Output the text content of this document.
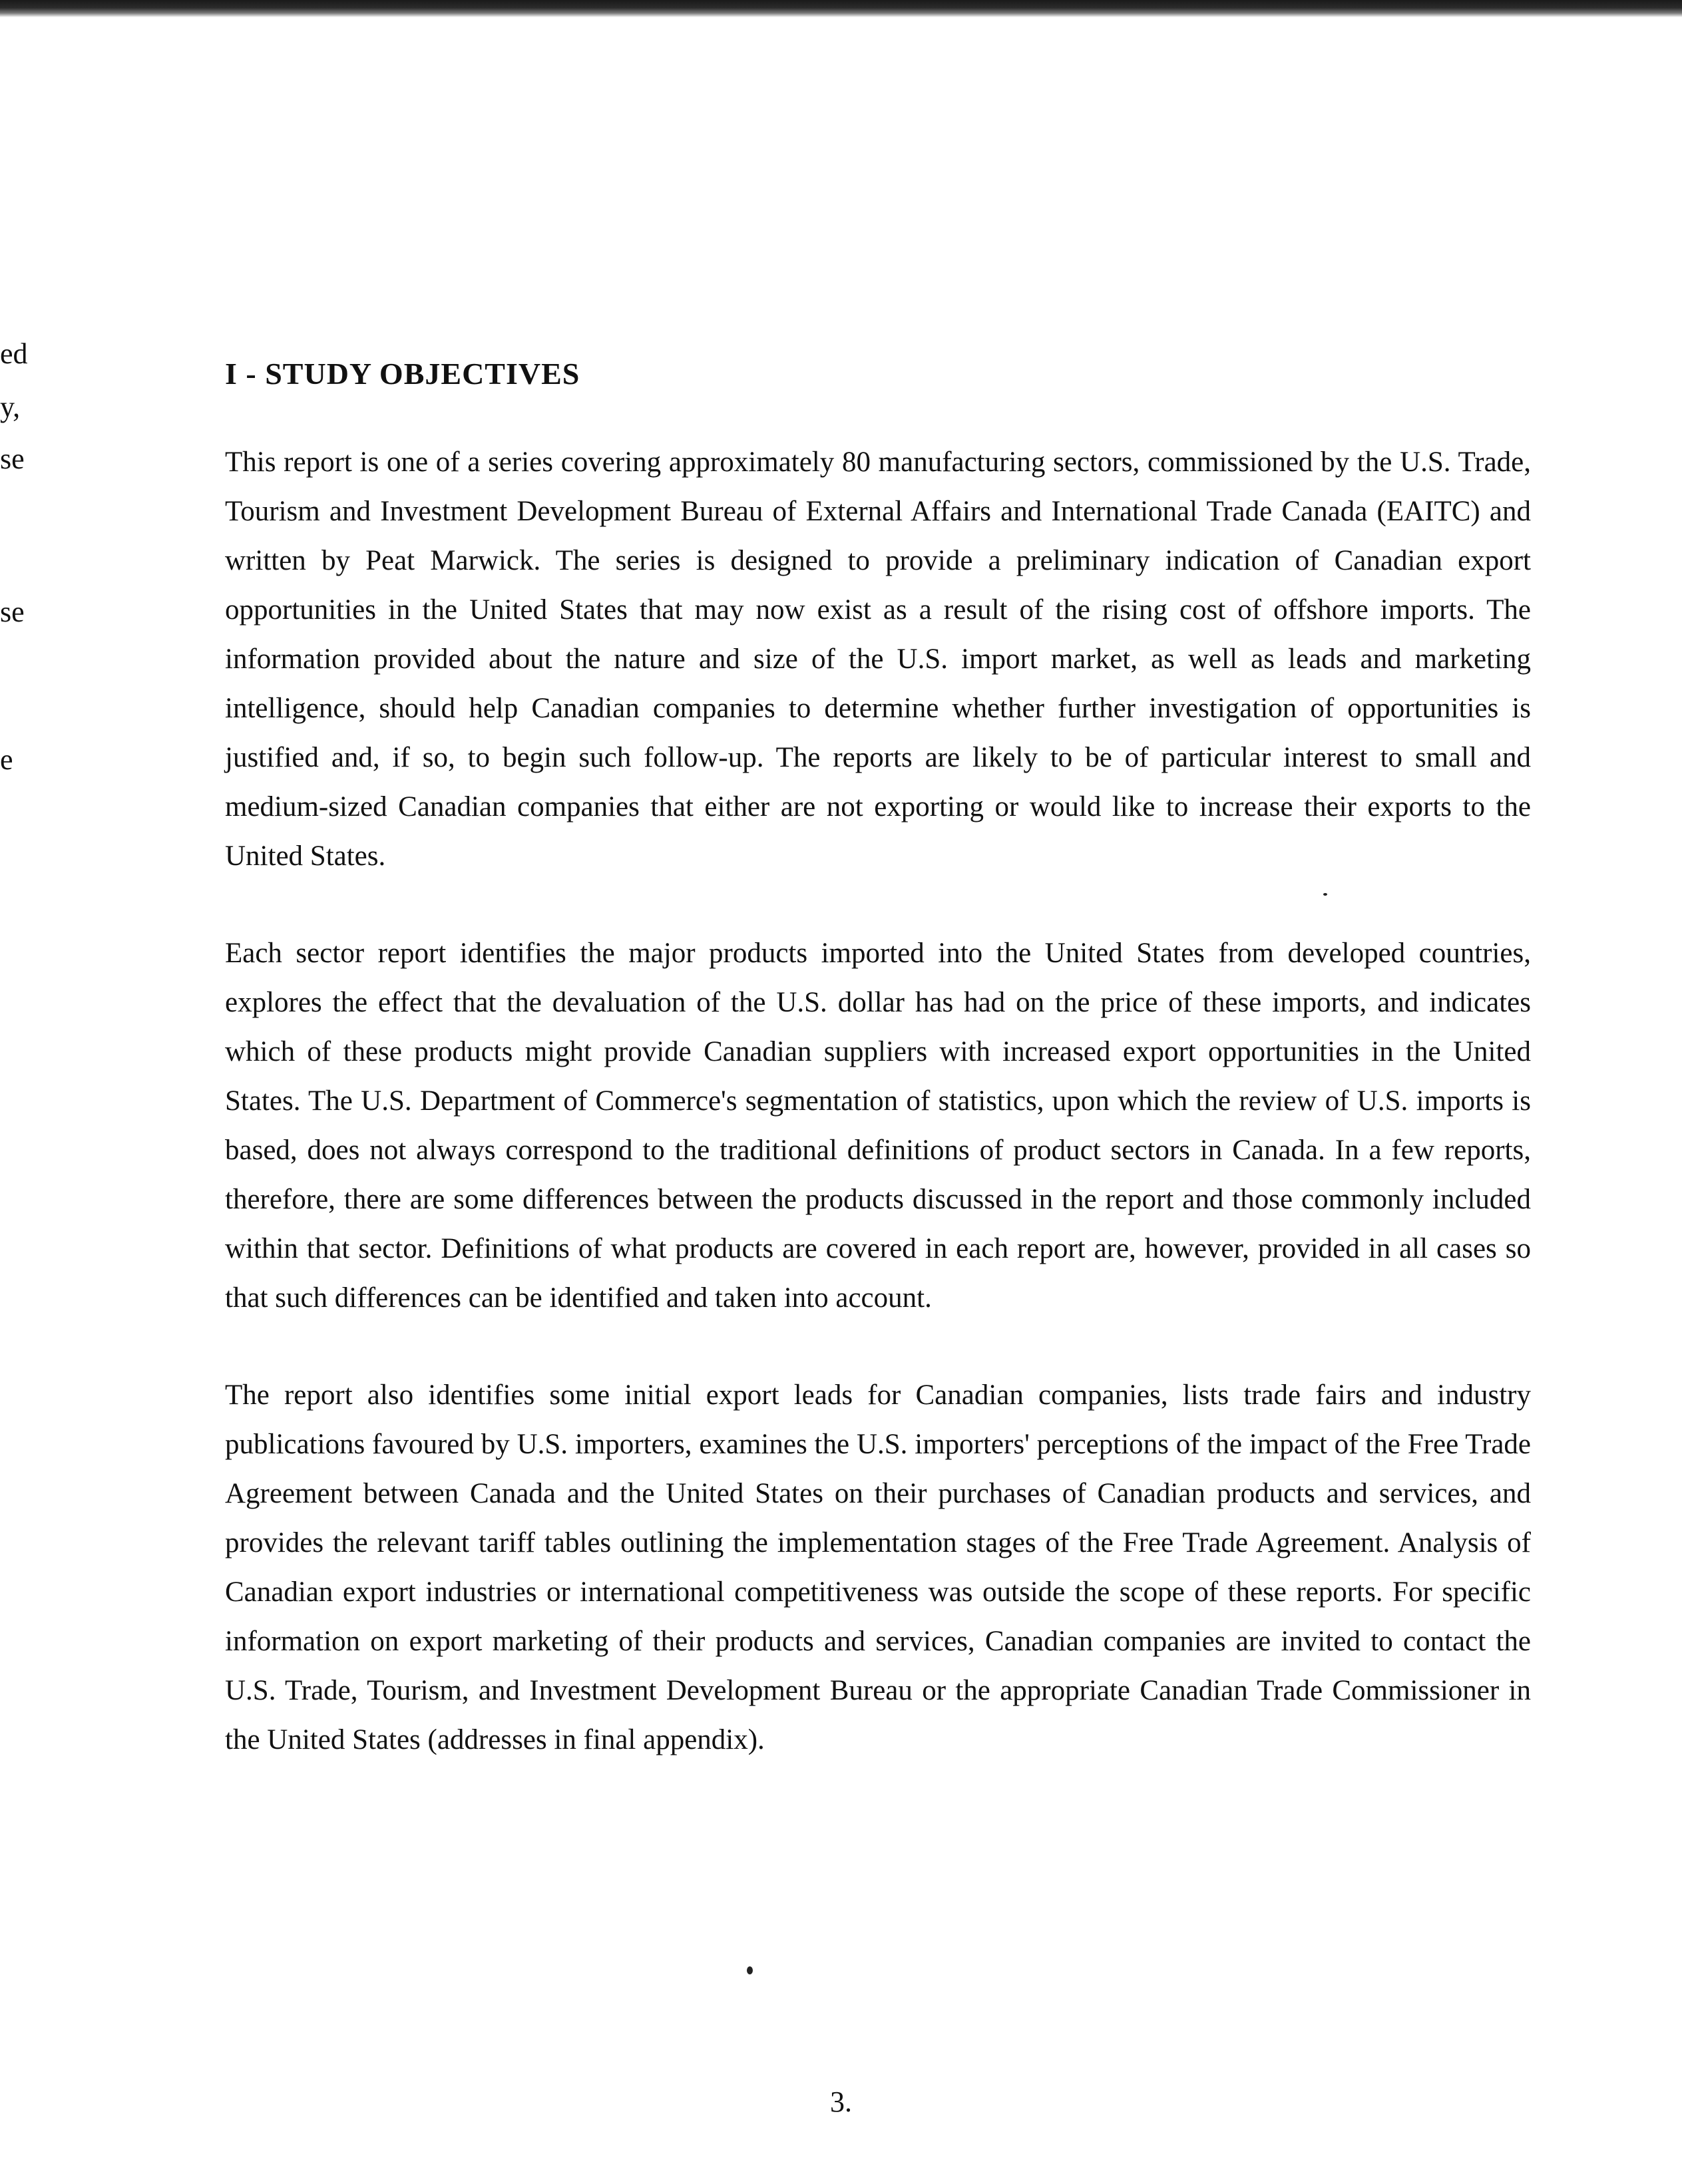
ed
y,
se
se
e
I - STUDY OBJECTIVES

This report is one of a series covering approximately 80 manufacturing sectors, commissioned by the U.S. Trade, Tourism and Investment Development Bureau of External Affairs and International Trade Canada (EAITC) and written by Peat Marwick. The series is designed to provide a preliminary indication of Canadian export opportunities in the United States that may now exist as a result of the rising cost of offshore imports. The information provided about the nature and size of the U.S. import market, as well as leads and marketing intelligence, should help Canadian companies to determine whether further investigation of opportunities is justified and, if so, to begin such follow-up. The reports are likely to be of particular interest to small and medium-sized Canadian companies that either are not exporting or would like to increase their exports to the United States.

Each sector report identifies the major products imported into the United States from developed countries, explores the effect that the devaluation of the U.S. dollar has had on the price of these imports, and indicates which of these products might provide Canadian suppliers with increased export opportunities in the United States. The U.S. Department of Commerce's segmentation of statistics, upon which the review of U.S. imports is based, does not always correspond to the traditional definitions of product sectors in Canada. In a few reports, therefore, there are some differences between the products discussed in the report and those commonly included within that sector. Definitions of what products are covered in each report are, however, provided in all cases so that such differences can be identified and taken into account.

The report also identifies some initial export leads for Canadian companies, lists trade fairs and industry publications favoured by U.S. importers, examines the U.S. importers' perceptions of the impact of the Free Trade Agreement between Canada and the United States on their purchases of Canadian products and services, and provides the relevant tariff tables outlining the implementation stages of the Free Trade Agreement. Analysis of Canadian export industries or international competitiveness was outside the scope of these reports. For specific information on export marketing of their products and services, Canadian companies are invited to contact the U.S. Trade, Tourism, and Investment Development Bureau or the appropriate Canadian Trade Commissioner in the United States (addresses in final appendix).

3.
